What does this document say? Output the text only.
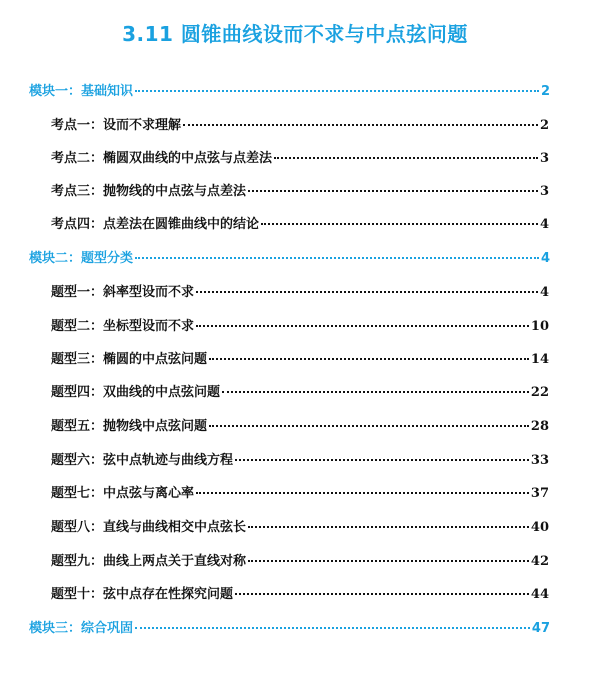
3.11 圆锥曲线设而不求与中点弦问题
模块一：基础知识	2
考点一：设而不求理解	2
考点二：椭圆双曲线的中点弦与点差法	3
考点三：抛物线的中点弦与点差法	3
考点四：点差法在圆锥曲线中的结论	4
模块二：题型分类	4
题型一：斜率型设而不求	4
题型二：坐标型设而不求	10
题型三：椭圆的中点弦问题	14
题型四：双曲线的中点弦问题	22
题型五：抛物线中点弦问题	28
题型六：弦中点轨迹与曲线方程	33
题型七：中点弦与离心率	37
题型八：直线与曲线相交中点弦长	40
题型九：曲线上两点关于直线对称	42
题型十：弦中点存在性探究问题	44
模块三：综合巩固	47
